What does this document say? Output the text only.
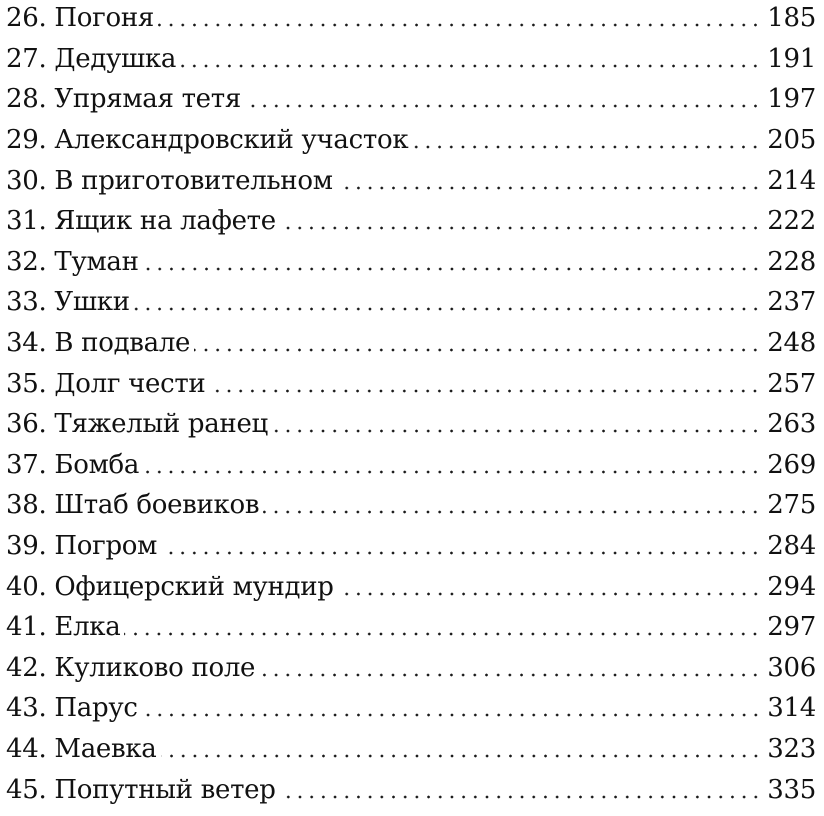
26. Погоня	185
27. Дедушка	191
28. Упрямая тетя	197
29. Александровский участок	205
30. В приготовительном	214
31. Ящик на лафете	222
32. Туман	228
33. Ушки	237
34. В подвале	248
35. Долг чести	257
36. Тяжелый ранец	263
37. Бомба	269
38. Штаб боевиков	275
39. Погром	284
40. Офицерский мундир	294
41. Елка	297
42. Куликово поле	306
43. Парус	314
44. Маевка	323
45. Попутный ветер	335
